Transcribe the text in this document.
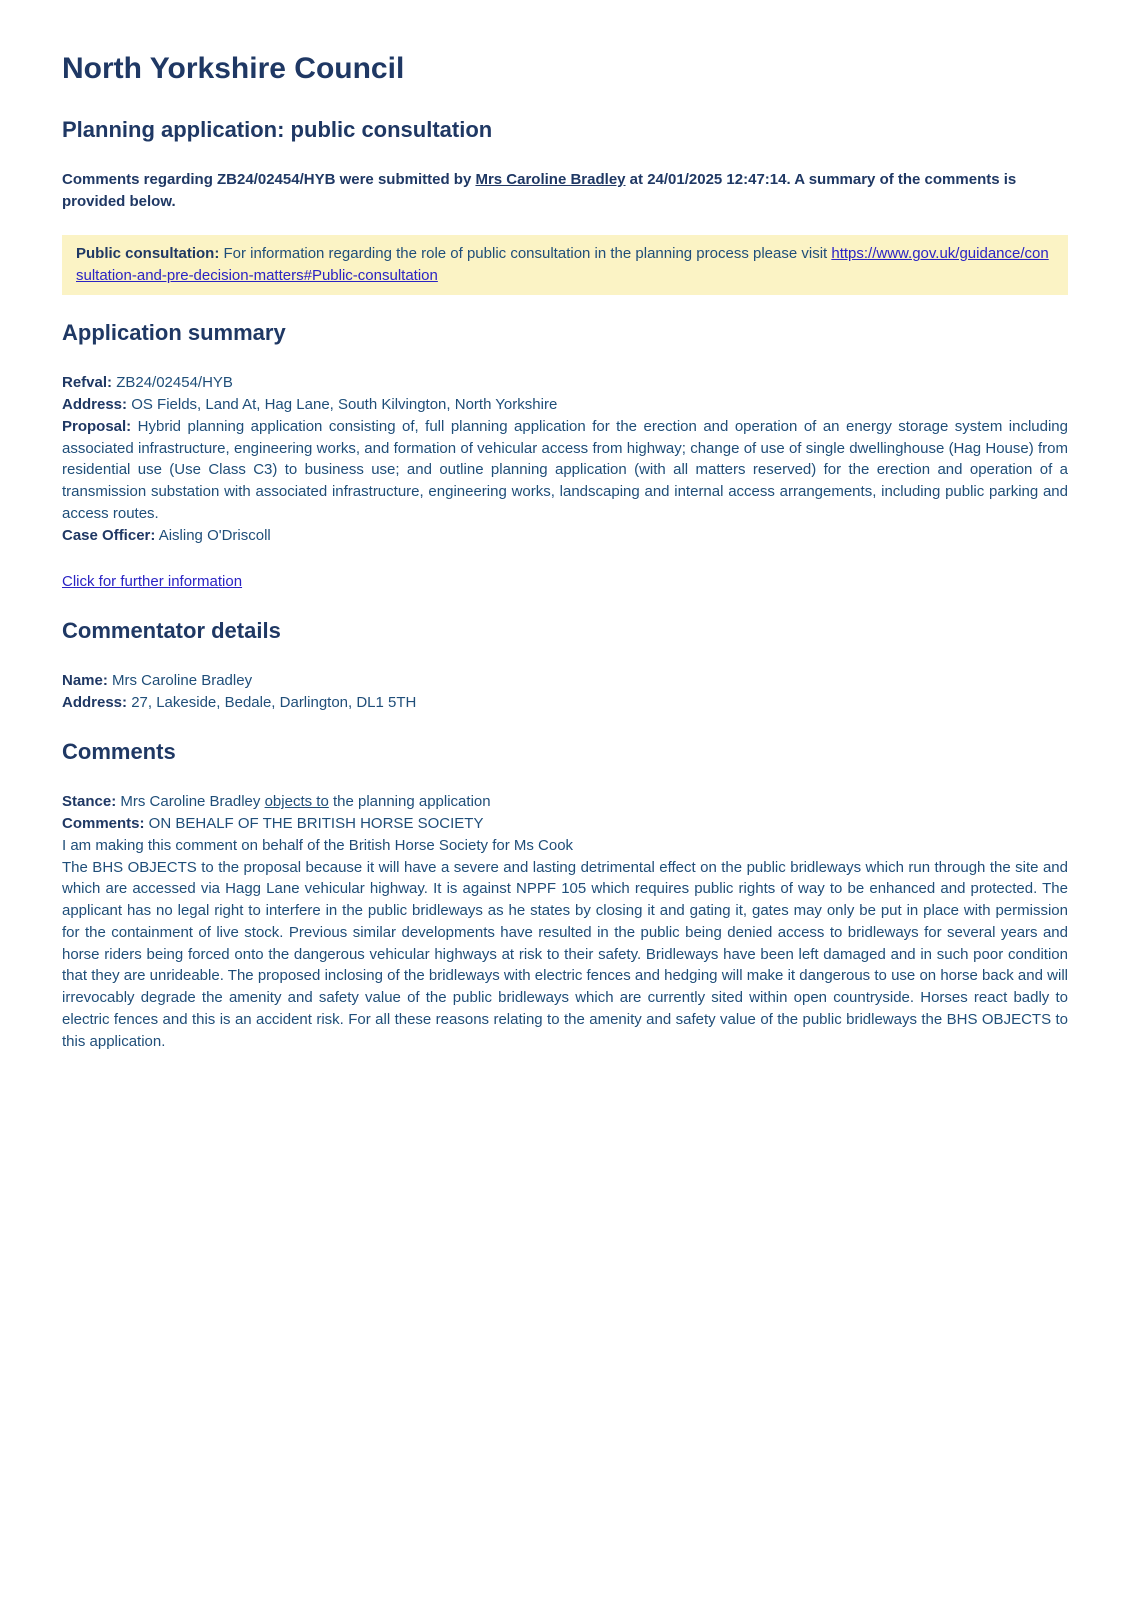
North Yorkshire Council
Planning application: public consultation

Comments regarding ZB24/02454/HYB were submitted by Mrs Caroline Bradley at 24/01/2025 12:47:14. A summary of the comments is provided below.

Public consultation: For information regarding the role of public consultation in the planning process please visit https://www.gov.uk/guidance/consultation-and-pre-decision-matters#Public-consultation
Application summary
Refval: ZB24/02454/HYB
Address: OS Fields, Land At, Hag Lane, South Kilvington, North Yorkshire
Proposal: Hybrid planning application consisting of, full planning application for the erection and operation of an energy storage system including associated infrastructure, engineering works, and formation of vehicular access from highway; change of use of single dwellinghouse (Hag House) from residential use (Use Class C3) to business use; and outline planning application (with all matters reserved) for the erection and operation of a transmission substation with associated infrastructure, engineering works, landscaping and internal access arrangements, including public parking and access routes.
Case Officer: Aisling O'Driscoll

Click for further information

Commentator details
Name: Mrs Caroline Bradley
Address: 27, Lakeside, Bedale, Darlington, DL1 5TH
Comments
Stance: Mrs Caroline Bradley objects to the planning application
Comments: ON BEHALF OF THE BRITISH HORSE SOCIETY
I am making this comment on behalf of the British Horse Society for Ms Cook
The BHS OBJECTS to the proposal because it will have a severe and lasting detrimental effect on the public bridleways which run through the site and which are accessed via Hagg Lane vehicular highway. It is against NPPF 105 which requires public rights of way to be enhanced and protected. The applicant has no legal right to interfere in the public bridleways as he states by closing it and gating it, gates may only be put in place with permission for the containment of live stock. Previous similar developments have resulted in the public being denied access to bridleways for several years and horse riders being forced onto the dangerous vehicular highways at risk to their safety. Bridleways have been left damaged and in such poor condition that they are unrideable. The proposed inclosing of the bridleways with electric fences and hedging will make it dangerous to use on horse back and will irrevocably degrade the amenity and safety value of the public bridleways which are currently sited within open countryside. Horses react badly to electric fences and this is an accident risk. For all these reasons relating to the amenity and safety value of the public bridleways the BHS OBJECTS to this application.
